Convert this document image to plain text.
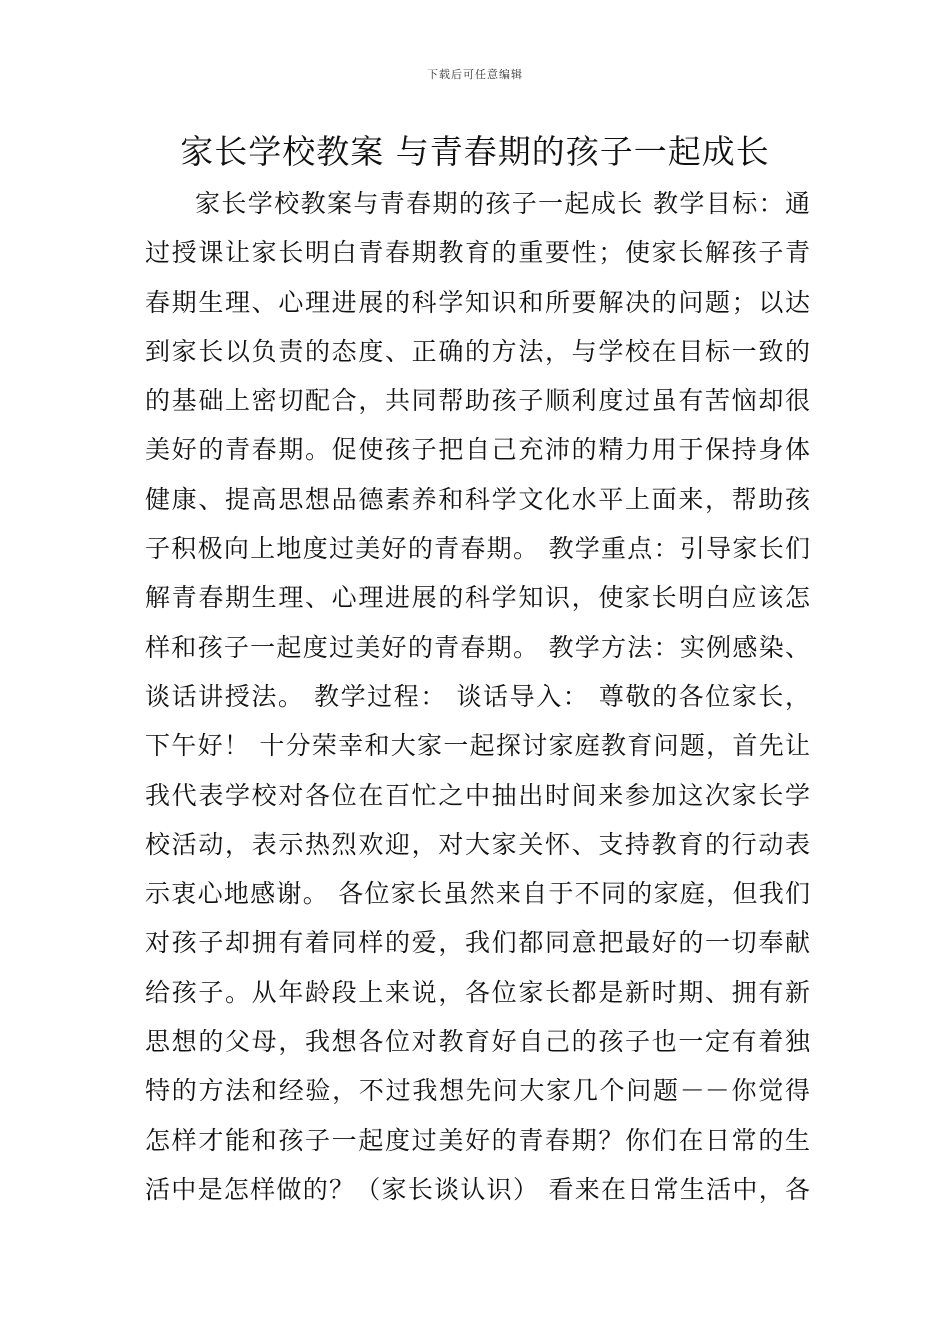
下载后可任意编辑
家长学校教案 与青春期的孩子一起成长
家长学校教案与青春期的孩子一起成长 教学目标：通
过授课让家长明白青春期教育的重要性；使家长解孩子青
春期生理、心理进展的科学知识和所要解决的问题；以达
到家长以负责的态度、正确的方法，与学校在目标一致的
的基础上密切配合，共同帮助孩子顺利度过虽有苦恼却很
美好的青春期。促使孩子把自己充沛的精力用于保持身体
健康、提高思想品德素养和科学文化水平上面来，帮助孩
子积极向上地度过美好的青春期。 教学重点：引导家长们
解青春期生理、心理进展的科学知识，使家长明白应该怎
样和孩子一起度过美好的青春期。 教学方法：实例感染、
谈话讲授法。 教学过程： 谈话导入： 尊敬的各位家长，
下午好！ 十分荣幸和大家一起探讨家庭教育问题，首先让
我代表学校对各位在百忙之中抽出时间来参加这次家长学
校活动，表示热烈欢迎，对大家关怀、支持教育的行动表
示衷心地感谢。 各位家长虽然来自于不同的家庭，但我们
对孩子却拥有着同样的爱，我们都同意把最好的一切奉献
给孩子。从年龄段上来说，各位家长都是新时期、拥有新
思想的父母，我想各位对教育好自己的孩子也一定有着独
特的方法和经验，不过我想先问大家几个问题－－你觉得
怎样才能和孩子一起度过美好的青春期？你们在日常的生
活中是怎样做的？（家长谈认识） 看来在日常生活中，各
